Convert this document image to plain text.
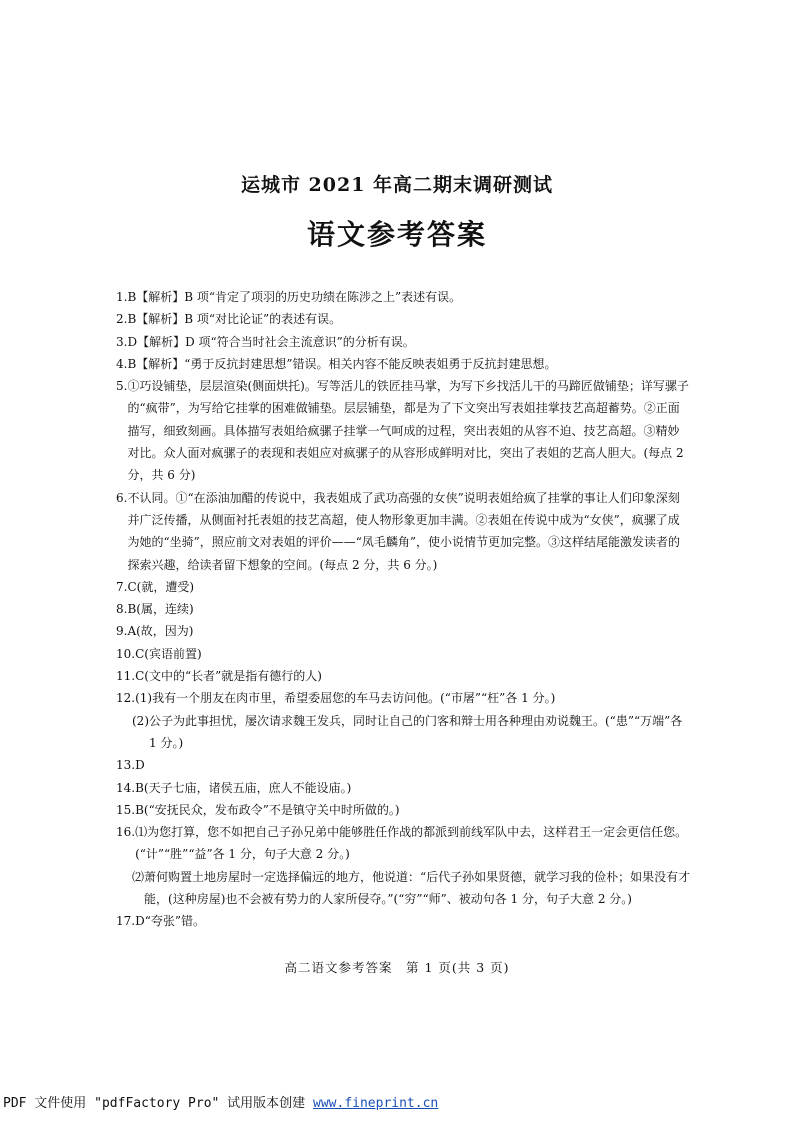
运城市 2021 年高二期末调研测试
语文参考答案
1. B【解析】B 项“肯定了项羽的历史功绩在陈涉之上”表述有误。
2. B【解析】B 项“对比论证”的表述有误。
3. D【解析】D 项“符合当时社会主流意识”的分析有误。
4. B【解析】“勇于反抗封建思想”错误。相关内容不能反映表姐勇于反抗封建思想。
5. ①巧设铺垫，层层渲染(侧面烘托)。写等活儿的铁匠挂马掌，为写下乡找活儿干的马蹄匠做铺垫；详写骡子的“疯带”，为写给它挂掌的困难做铺垫。层层铺垫，都是为了下文突出写表姐挂掌技艺高超蓄势。②正面描写，细致刻画。具体描写表姐给疯骡子挂掌一气呵成的过程，突出表姐的从容不迫、技艺高超。③精妙对比。众人面对疯骡子的表现和表姐应对疯骡子的从容形成鲜明对比，突出了表姐的艺高人胆大。(每点 2 分，共 6 分)
6. 不认同。①“在添油加醋的传说中，我表姐成了武功高强的女侠”说明表姐给疯了挂掌的事让人们印象深刻并广泛传播，从侧面衬托表姐的技艺高超，使人物形象更加丰满。②表姐在传说中成为“女侠”，疯骡了成为她的“坐骑”，照应前文对表姐的评价——“凤毛麟角”，使小说情节更加完整。③这样结尾能激发读者的探索兴趣，给读者留下想象的空间。(每点 2 分，共 6 分。)
7. C(就，遭受)
8. B(属，连续)
9. A(故，因为)
10. C(宾语前置)
11. C(文中的“长者”就是指有德行的人)
12. (1)我有一个朋友在肉市里，希望委屈您的车马去访问他。(“市屠”“枉”各 1 分。)
(2) 公子为此事担忧，屡次请求魏王发兵，同时让自己的门客和辩士用各种理由劝说魏王。(“患”“万端”各 1 分。)
13. D
14. B(天子七庙，诸侯五庙，庶人不能设庙。)
15. B(“安抚民众，发布政令”不是镇守关中时所做的。)
16. ⑴为您打算，您不如把自己子孙兄弟中能够胜任作战的都派到前线军队中去，这样君王一定会更信任您。(“计”“胜”“益”各 1 分，句子大意 2 分。)
⑵ 萧何购置土地房屋时一定选择偏远的地方，他说道：“后代子孙如果贤德，就学习我的俭朴；如果没有才能，(这种房屋)也不会被有势力的人家所侵夺。”(“穷”“师”、被动句各 1 分，句子大意 2 分。)
17. D“夸张”错。
高二语文参考答案　第 1 页(共 3 页)
PDF 文件使用 "pdfFactory Pro" 试用版本创建 www.fineprint.cn
